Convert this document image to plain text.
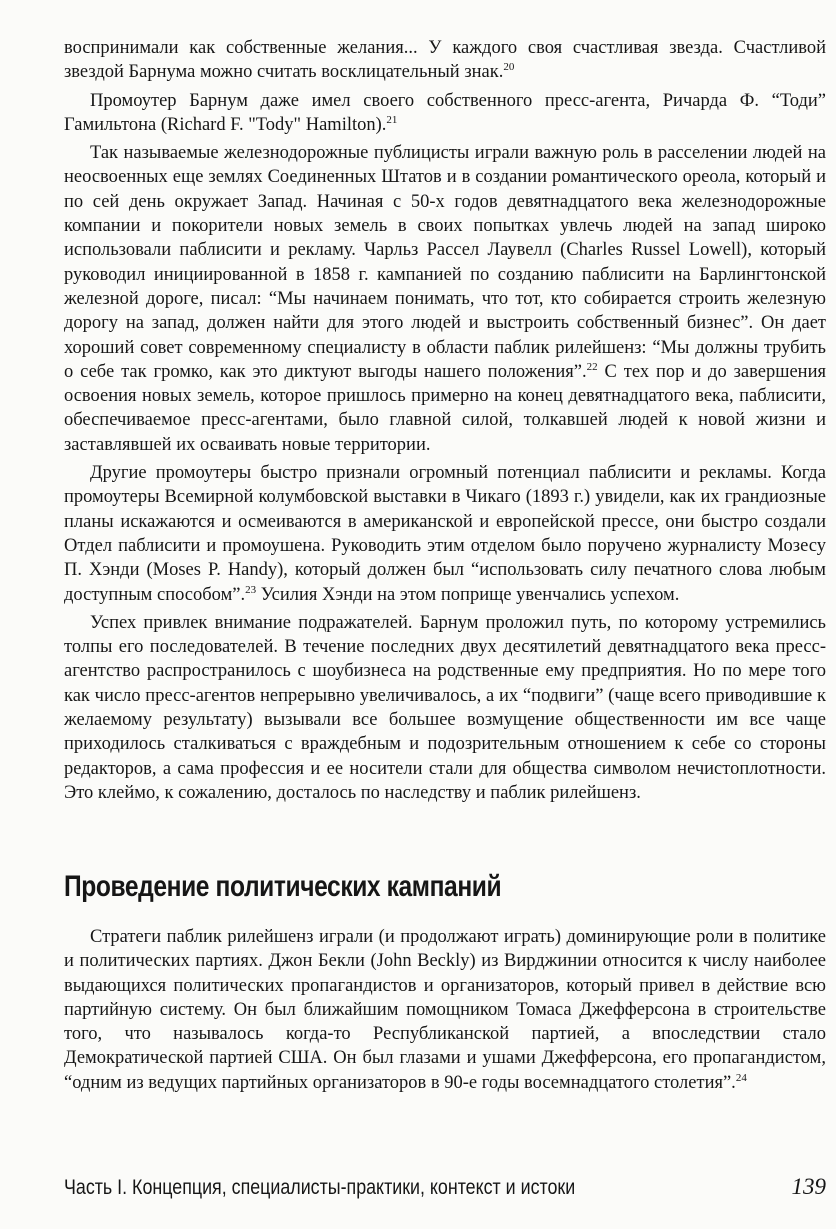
воспринимали как собственные желания... У каждого своя счастливая звезда. Счастливой звездой Барнума можно считать восклицательный знак.$^{20}$

Промоутер Барнум даже имел своего собственного пресс-агента, Ричарда Ф. “Тоди” Гамильтона (Richard F. "Tody" Hamilton).$^{21}$

Так называемые железнодорожные публицисты играли важную роль в расселении людей на неосвоенных еще землях Соединенных Штатов и в создании романтического ореола, который и по сей день окружает Запад. Начиная с 50-х годов девятнадцатого века железнодорожные компании и покорители новых земель в своих попытках увлечь людей на запад широко использовали паблисити и рекламу. Чарльз Рассел Лаувелл (Charles Russel Lowell), который руководил инициированной в 1858 г. кампанией по созданию паблисити на Барлингтонской железной дороге, писал: “Мы начинаем понимать, что тот, кто собирается строить железную дорогу на запад, должен найти для этого людей и выстроить собственный бизнес”. Он дает хороший совет современному специалисту в области паблик рилейшенз: “Мы должны трубить о себе так громко, как это диктуют выгоды нашего положения”.$^{22}$ С тех пор и до завершения освоения новых земель, которое пришлось примерно на конец девятнадцатого века, паблисити, обеспечиваемое пресс-агентами, было главной силой, толкавшей людей к новой жизни и заставлявшей их осваивать новые территории.

Другие промоутеры быстро признали огромный потенциал паблисити и рекламы. Когда промоутеры Всемирной колумбовской выставки в Чикаго (1893 г.) увидели, как их грандиозные планы искажаются и осмеиваются в американской и европейской прессе, они быстро создали Отдел паблисити и промоушена. Руководить этим отделом было поручено журналисту Мозесу П. Хэнди (Moses P. Handy), который должен был “использовать силу печатного слова любым доступным способом”.$^{23}$ Усилия Хэнди на этом поприще увенчались успехом.

Успех привлек внимание подражателей. Барнум проложил путь, по которому устремились толпы его последователей. В течение последних двух десятилетий девятнадцатого века пресс-агентство распространилось с шоубизнеса на родственные ему предприятия. Но по мере того как число пресс-агентов непрерывно увеличивалось, а их “подвиги” (чаще всего приводившие к желаемому результату) вызывали все большее возмущение общественности им все чаще приходилось сталкиваться с враждебным и подозрительным отношением к себе со стороны редакторов, а сама профессия и ее носители стали для общества символом нечистоплотности. Это клеймо, к сожалению, досталось по наследству и паблик рилейшенз.

Проведение политических кампаний

Стратеги паблик рилейшенз играли (и продолжают играть) доминирующие роли в политике и политических партиях. Джон Бекли (John Beckly) из Вирджинии относится к числу наиболее выдающихся политических пропагандистов и организаторов, который привел в действие всю партийную систему. Он был ближайшим помощником Томаса Джефферсона в строительстве того, что называлось когда-то Республиканской партией, а впоследствии стало Демократической партией США. Он был глазами и ушами Джефферсона, его пропагандистом, “одним из ведущих партийных организаторов в 90-е годы восемнадцатого столетия”.$^{24}$

Часть I. Концепция, специалисты-практики, контекст и истоки	139
